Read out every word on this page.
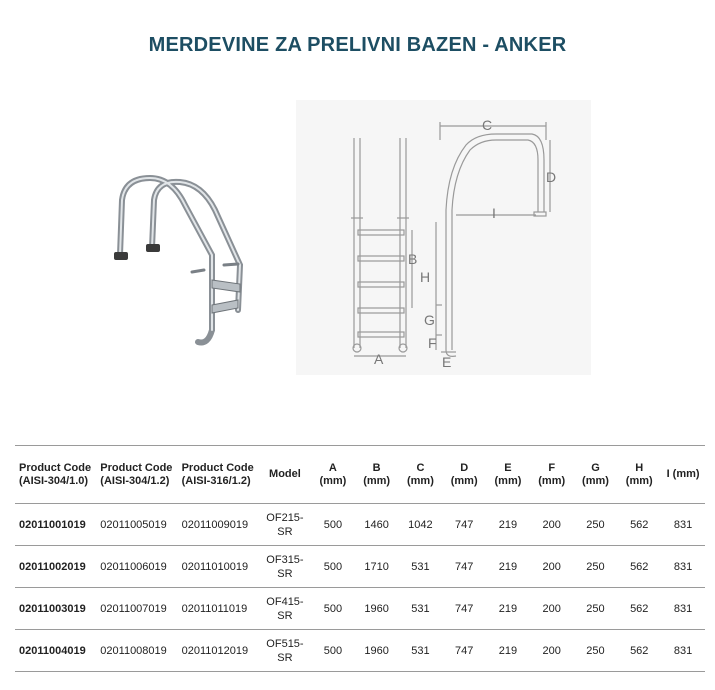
MERDEVINE ZA PRELIVNI BAZEN - ANKER
A
B
C
D
E
F
G
H
I
Product Code (AISI-304/1.0)	Product Code (AISI-304/1.2)	Product Code (AISI-316/1.2)	Model	A (mm)	B (mm)	C (mm)	D (mm)	E (mm)	F (mm)	G (mm)	H (mm)	I (mm)
02011001019	02011005019	02011009019	OF215-SR	500	1460	1042	747	219	200	250	562	831
02011002019	02011006019	02011010019	OF315-SR	500	1710	531	747	219	200	250	562	831
02011003019	02011007019	02011011019	OF415-SR	500	1960	531	747	219	200	250	562	831
02011004019	02011008019	02011012019	OF515-SR	500	1960	531	747	219	200	250	562	831
